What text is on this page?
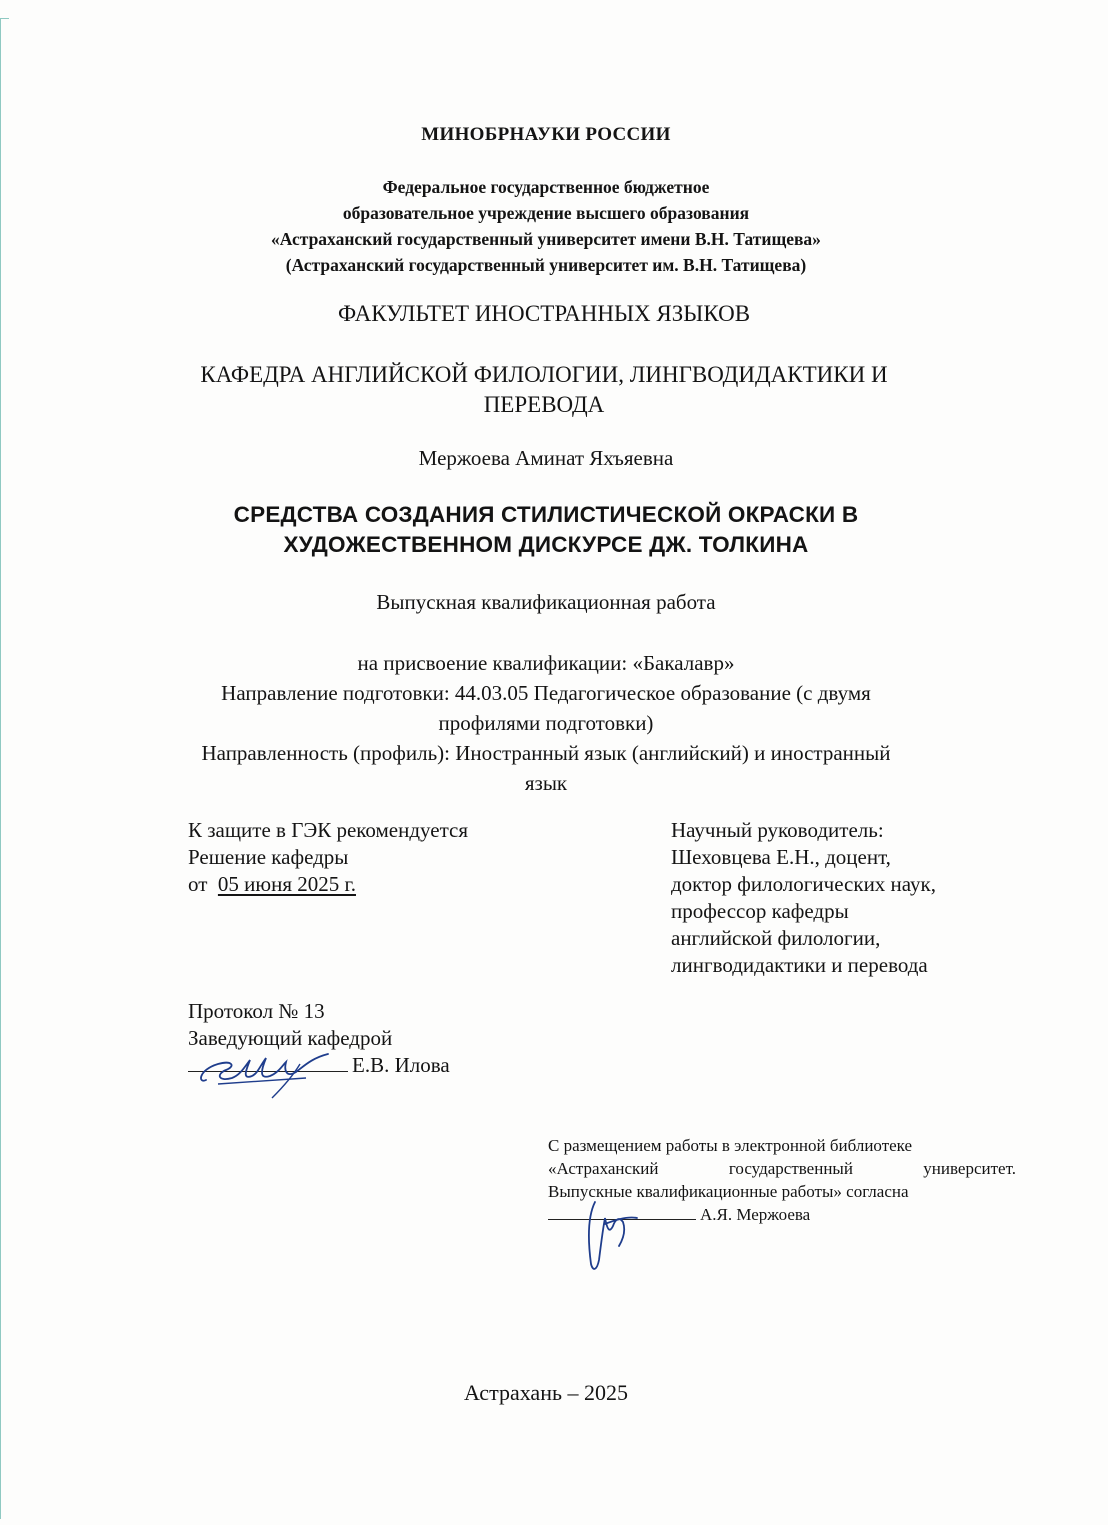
МИНОБРНАУКИ РОССИИ
Федеральное государственное бюджетное
образовательное учреждение высшего образования
«Астраханский государственный университет имени В.Н. Татищева»
(Астраханский государственный университет им. В.Н. Татищева)
ФАКУЛЬТЕТ ИНОСТРАННЫХ ЯЗЫКОВ
КАФЕДРА АНГЛИЙСКОЙ ФИЛОЛОГИИ, ЛИНГВОДИДАКТИКИ И
ПЕРЕВОДА
Мержоева Аминат Яхъяевна
СРЕДСТВА СОЗДАНИЯ СТИЛИСТИЧЕСКОЙ ОКРАСКИ В
ХУДОЖЕСТВЕННОМ ДИСКУРСЕ ДЖ. ТОЛКИНА
Выпускная квалификационная работа
на присвоение квалификации: «Бакалавр»
Направление подготовки: 44.03.05 Педагогическое образование (с двумя
профилями подготовки)
Направленность (профиль): Иностранный язык (английский) и иностранный
язык
К защите в ГЭК рекомендуется
Решение кафедры
от 05 июня 2025 г.
Научный руководитель:
Шеховцева Е.Н., доцент,
доктор филологических наук,
профессор кафедры
английской филологии,
лингводидактики и перевода
Протокол № 13
Заведующий кафедрой
Е.В. Илова

С размещением работы в электронной библиотеке

«Астраханский государственный университет.

Выпускные квалификационные работы» согласна

А.Я. Мержоева

Астрахань – 2025
